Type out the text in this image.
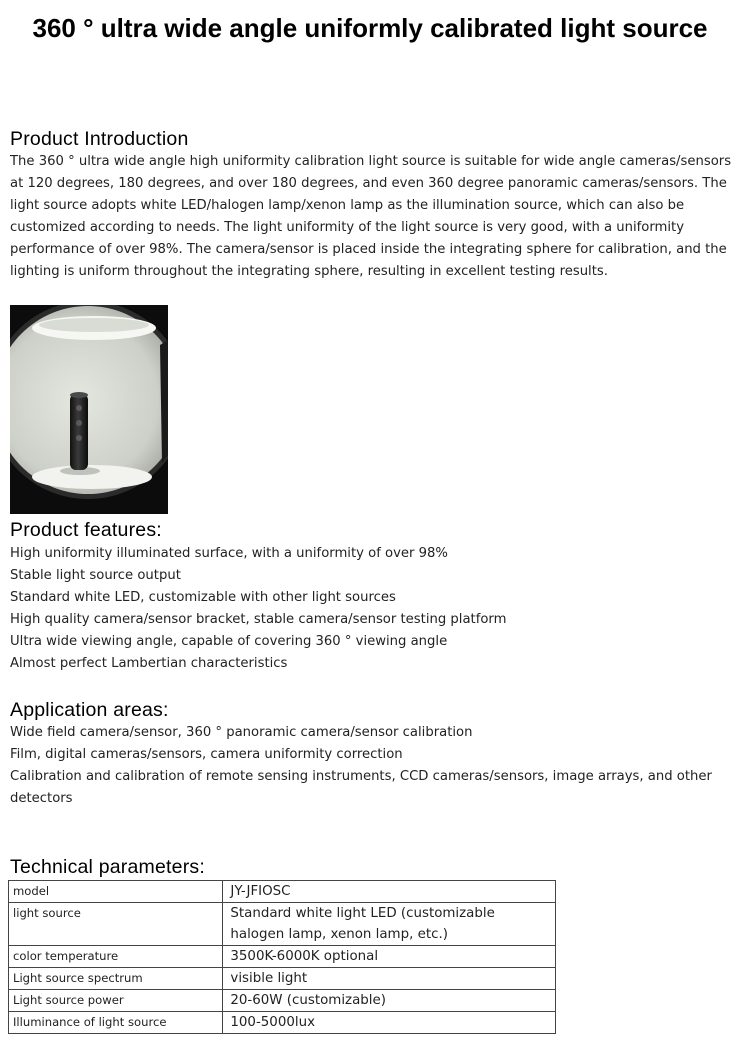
360 ° ultra wide angle uniformly calibrated light source
Product Introduction

The 360 ° ultra wide angle high uniformity calibration light source is suitable for wide angle cameras/sensors at 120 degrees, 180 degrees, and over 180 degrees, and even 360 degree panoramic cameras/sensors. The light source adopts white LED/halogen lamp/xenon lamp as the illumination source, which can also be customized according to needs. The light uniformity of the light source is very good, with a uniformity performance of over 98%. The camera/sensor is placed inside the integrating sphere for calibration, and the lighting is uniform throughout the integrating sphere, resulting in excellent testing results.

Product features:
High uniformity illuminated surface, with a uniformity of over 98%
Stable light source output
Standard white LED, customizable with other light sources
High quality camera/sensor bracket, stable camera/sensor testing platform
Ultra wide viewing angle, capable of covering 360 ° viewing angle
Almost perfect Lambertian characteristics
Application areas:
Wide field camera/sensor, 360 ° panoramic camera/sensor calibration
Film, digital cameras/sensors, camera uniformity correction
Calibration and calibration of remote sensing instruments, CCD cameras/sensors, image arrays, and other detectors
Technical parameters:
model	JY-JFIOSC
light source	Standard white light LED (customizable halogen lamp, xenon lamp, etc.)
color temperature	3500K-6000K optional
Light source spectrum	visible light
Light source power	20-60W (customizable)
Illuminance of light source	100-5000lux
